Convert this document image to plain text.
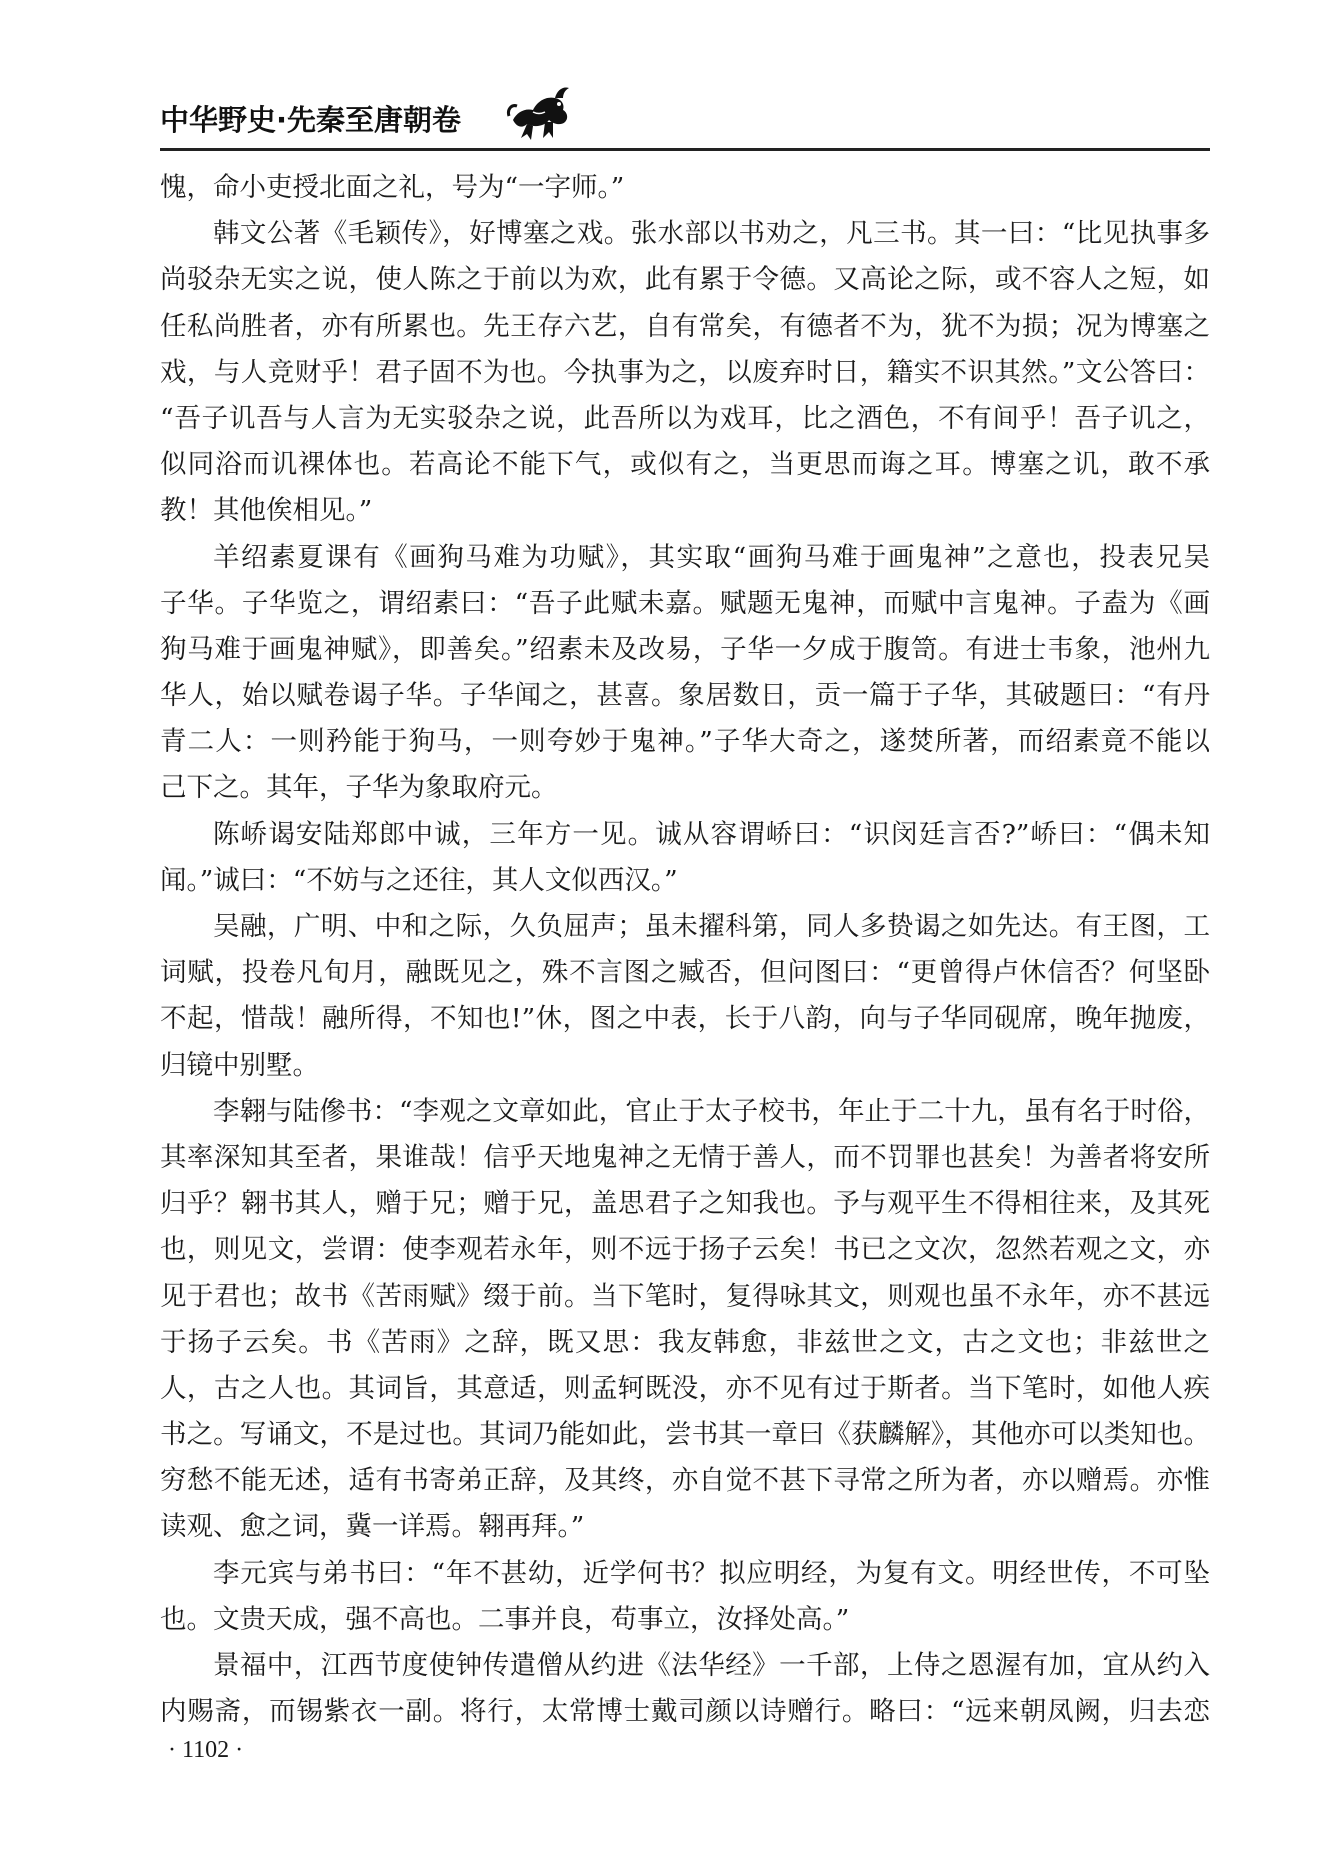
中华野史·先秦至唐朝卷
愧，命小吏授北面之礼，号为“一字师。”
韩文公著《毛颖传》，好博塞之戏。张水部以书劝之，凡三书。其一曰：“比见执事多
尚驳杂无实之说，使人陈之于前以为欢，此有累于令德。又高论之际，或不容人之短，如
任私尚胜者，亦有所累也。先王存六艺，自有常矣，有德者不为，犹不为损；况为博塞之
戏，与人竞财乎！君子固不为也。今执事为之，以废弃时日，籍实不识其然。”文公答曰：
“吾子讥吾与人言为无实驳杂之说，此吾所以为戏耳，比之酒色，不有间乎！吾子讥之，
似同浴而讥裸体也。若高论不能下气，或似有之，当更思而诲之耳。博塞之讥，敢不承
教！其他俟相见。”
羊绍素夏课有《画狗马难为功赋》，其实取“画狗马难于画鬼神”之意也，投表兄吴
子华。子华览之，谓绍素曰：“吾子此赋未嘉。赋题无鬼神，而赋中言鬼神。子盍为《画
狗马难于画鬼神赋》，即善矣。”绍素未及改易，子华一夕成于腹笥。有进士韦象，池州九
华人，始以赋卷谒子华。子华闻之，甚喜。象居数日，贡一篇于子华，其破题曰：“有丹
青二人：一则矜能于狗马，一则夸妙于鬼神。”子华大奇之，遂焚所著，而绍素竟不能以
己下之。其年，子华为象取府元。
陈峤谒安陆郑郎中诚，三年方一见。诚从容谓峤曰：“识闵廷言否?”峤曰：“偶未知
闻。”诚曰：“不妨与之还往，其人文似西汉。”
吴融，广明、中和之际，久负屈声；虽未擢科第，同人多贽谒之如先达。有王图，工
词赋，投卷凡旬月，融既见之，殊不言图之臧否，但问图曰：“更曾得卢休信否？何坚卧
不起，惜哉！融所得，不知也!”休，图之中表，长于八韵，向与子华同砚席，晚年抛废，
归镜中别墅。
李翱与陆傪书：“李观之文章如此，官止于太子校书，年止于二十九，虽有名于时俗，
其率深知其至者，果谁哉！信乎天地鬼神之无情于善人，而不罚罪也甚矣！为善者将安所
归乎？翱书其人，赠于兄；赠于兄，盖思君子之知我也。予与观平生不得相往来，及其死
也，则见文，尝谓：使李观若永年，则不远于扬子云矣！书已之文次，忽然若观之文，亦
见于君也；故书《苦雨赋》缀于前。当下笔时，复得咏其文，则观也虽不永年，亦不甚远
于扬子云矣。书《苦雨》之辞，既又思：我友韩愈，非兹世之文，古之文也；非兹世之
人，古之人也。其词旨，其意适，则孟轲既没，亦不见有过于斯者。当下笔时，如他人疾
书之。写诵文，不是过也。其词乃能如此，尝书其一章曰《获麟解》，其他亦可以类知也。
穷愁不能无述，适有书寄弟正辞，及其终，亦自觉不甚下寻常之所为者，亦以赠焉。亦惟
读观、愈之词，冀一详焉。翱再拜。”
李元宾与弟书曰：“年不甚幼，近学何书？拟应明经，为复有文。明经世传，不可坠
也。文贵天成，强不高也。二事并良，苟事立，汝择处高。”
景福中，江西节度使钟传遣僧从约进《法华经》一千部，上侍之恩渥有加，宜从约入
内赐斋，而锡紫衣一副。将行，太常博士戴司颜以诗赠行。略曰：“远来朝凤阙，归去恋
· 1102 ·
